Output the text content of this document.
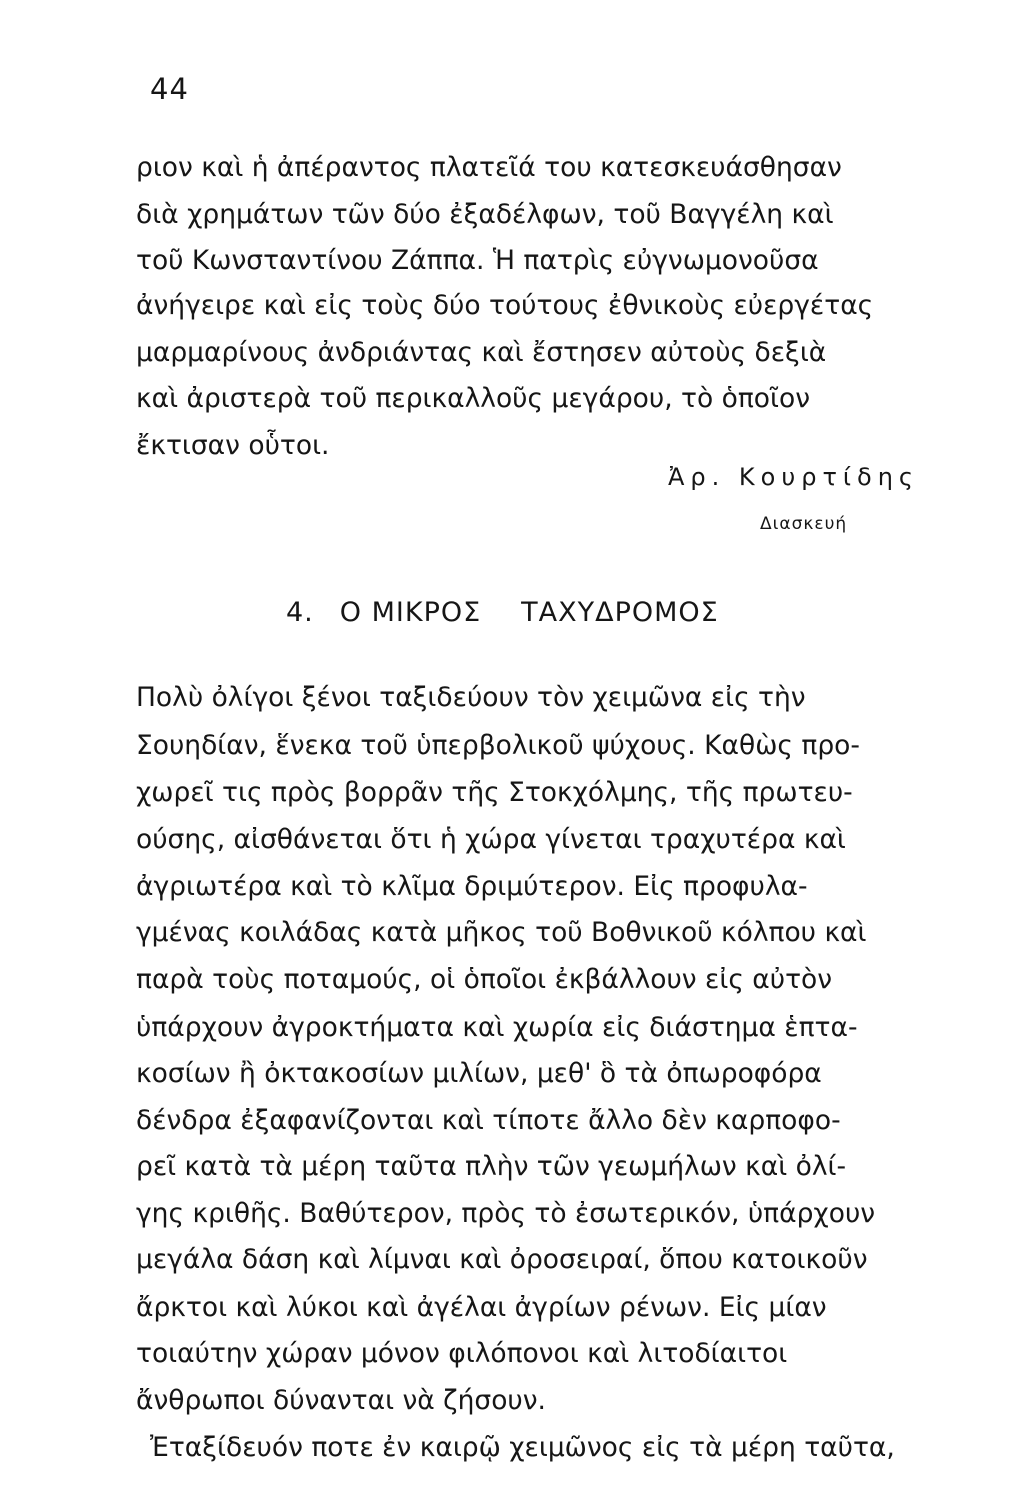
44
ριον καὶ ἡ ἀπέραντος πλατεῖά του κατεσκευάσθησαν
διὰ χρημάτων τῶν δύο ἐξαδέλφων, τοῦ Βαγγέλη καὶ
τοῦ Κωνσταντίνου Ζάππα. Ἡ πατρὶς εὐγνωμονοῦσα
ἀνήγειρε καὶ εἰς τοὺς δύο τούτους ἐθνικοὺς εὐεργέτας
μαρμαρίνους ἀνδριάντας καὶ ἔστησεν αὐτοὺς δεξιὰ
καὶ ἀριστερὰ τοῦ περικαλλοῦς μεγάρου, τὸ ὁποῖον
ἔκτισαν οὗτοι.
Ἀρ. Κουρτίδης
Διασκευή
4. Ο ΜΙΚΡΟΣ ΤΑΧΥΔΡΟΜΟΣ
Πολὺ ὀλίγοι ξένοι ταξιδεύουν τὸν χειμῶνα εἰς τὴν
Σουηδίαν, ἕνεκα τοῦ ὑπερβολικοῦ ψύχους. Καθὼς προ-
χωρεῖ τις πρὸς βορρᾶν τῆς Στοκχόλμης, τῆς πρωτευ-
ούσης, αἰσθάνεται ὅτι ἡ χώρα γίνεται τραχυτέρα καὶ
ἀγριωτέρα καὶ τὸ κλῖμα δριμύτερον. Εἰς προφυλα-
γμένας κοιλάδας κατὰ μῆκος τοῦ Βοθνικοῦ κόλπου καὶ
παρὰ τοὺς ποταμούς, οἱ ὁποῖοι ἐκβάλλουν εἰς αὐτὸν
ὑπάρχουν ἀγροκτήματα καὶ χωρία εἰς διάστημα ἑπτα-
κοσίων ἢ ὀκτακοσίων μιλίων, μεθ' ὃ τὰ ὀπωροφόρα
δένδρα ἐξαφανίζονται καὶ τίποτε ἄλλο δὲν καρποφο-
ρεῖ κατὰ τὰ μέρη ταῦτα πλὴν τῶν γεωμήλων καὶ ὀλί-
γης κριθῆς. Βαθύτερον, πρὸς τὸ ἐσωτερικόν, ὑπάρχουν
μεγάλα δάση καὶ λίμναι καὶ ὀροσειραί, ὅπου κατοικοῦν
ἄρκτοι καὶ λύκοι καὶ ἀγέλαι ἀγρίων ρένων. Εἰς μίαν
τοιαύτην χώραν μόνον φιλόπονοι καὶ λιτοδίαιτοι
ἄνθρωποι δύνανται νὰ ζήσουν.
Ἐταξίδευόν ποτε ἐν καιρῷ χειμῶνος εἰς τὰ μέρη ταῦτα,
